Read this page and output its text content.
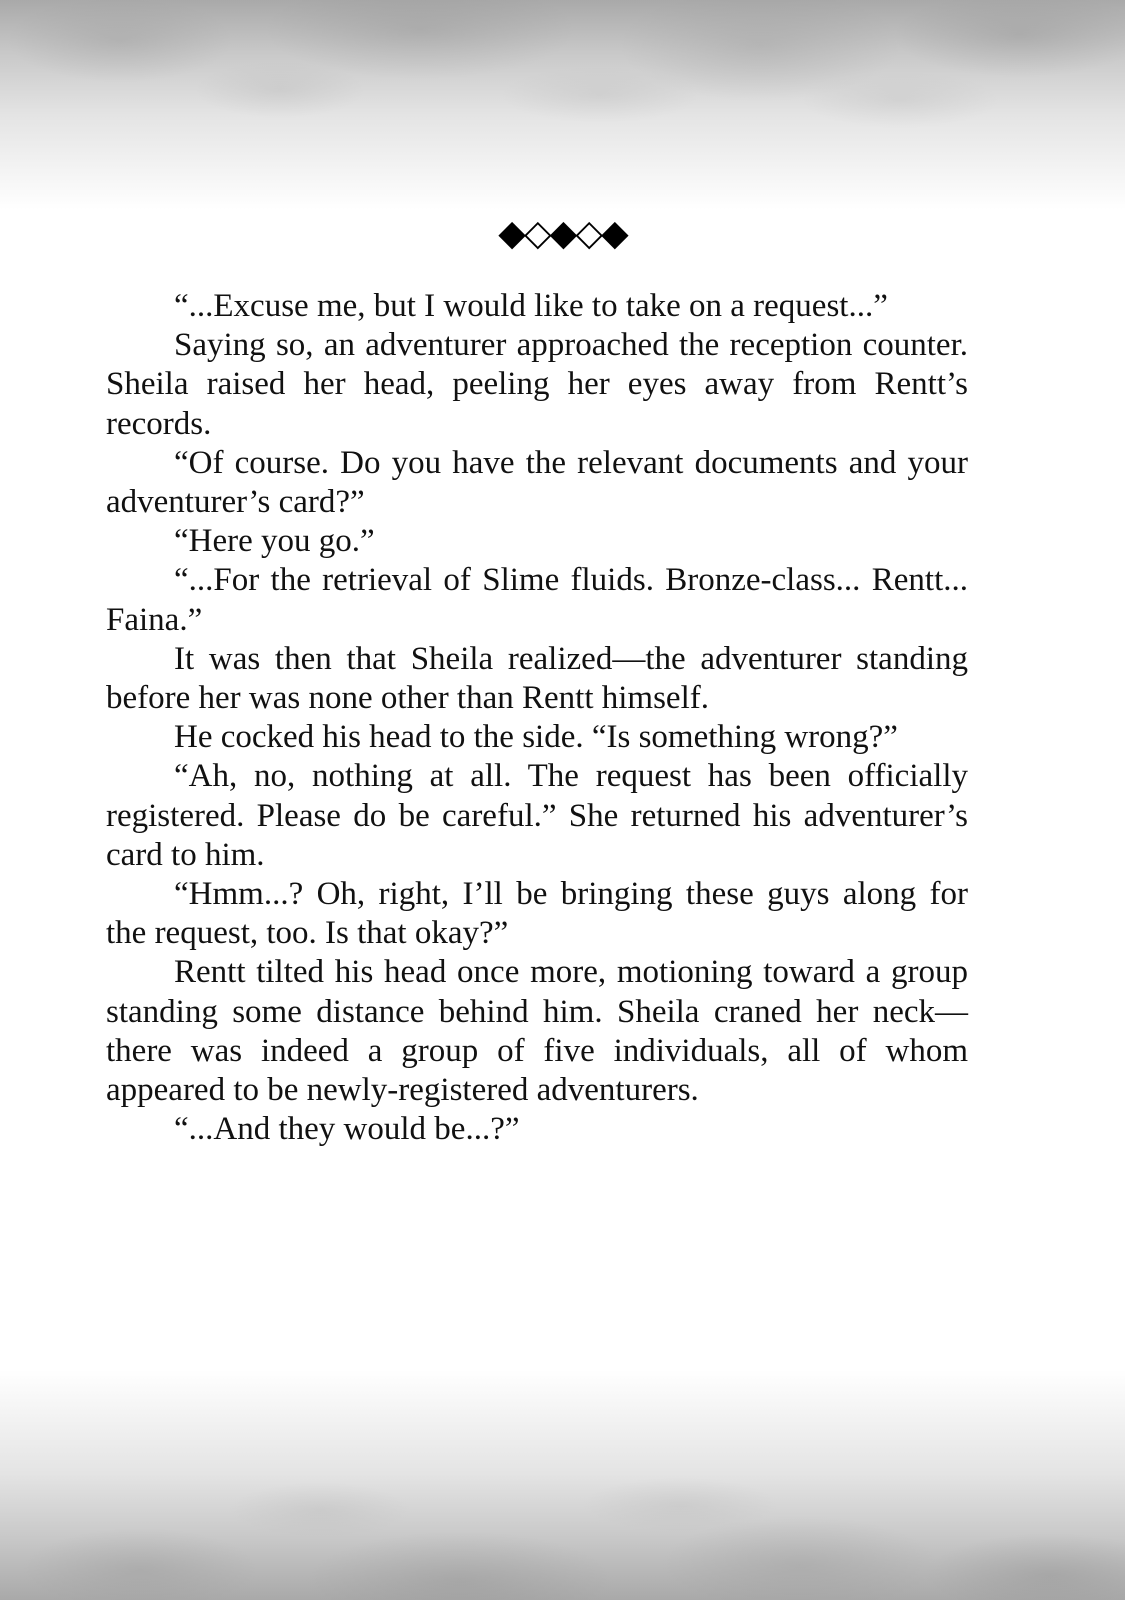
◆◇◆◇◆

“...Excuse me, but I would like to take on a request...”

Saying so, an adventurer approached the reception counter. Sheila raised her head, peeling her eyes away from Rentt’s records.

“Of course. Do you have the relevant documents and your adventurer’s card?”

“Here you go.”

“...For the retrieval of Slime fluids. Bronze-class... Rentt... Faina.”

It was then that Sheila realized—the adventurer standing before her was none other than Rentt himself.

He cocked his head to the side. “Is something wrong?”

“Ah, no, nothing at all. The request has been officially registered. Please do be careful.” She returned his adventurer’s card to him.

“Hmm...? Oh, right, I’ll be bringing these guys along for the request, too. Is that okay?”

Rentt tilted his head once more, motioning toward a group standing some distance behind him. Sheila craned her neck—there was indeed a group of five individuals, all of whom appeared to be newly-registered adventurers.

“...And they would be...?”
